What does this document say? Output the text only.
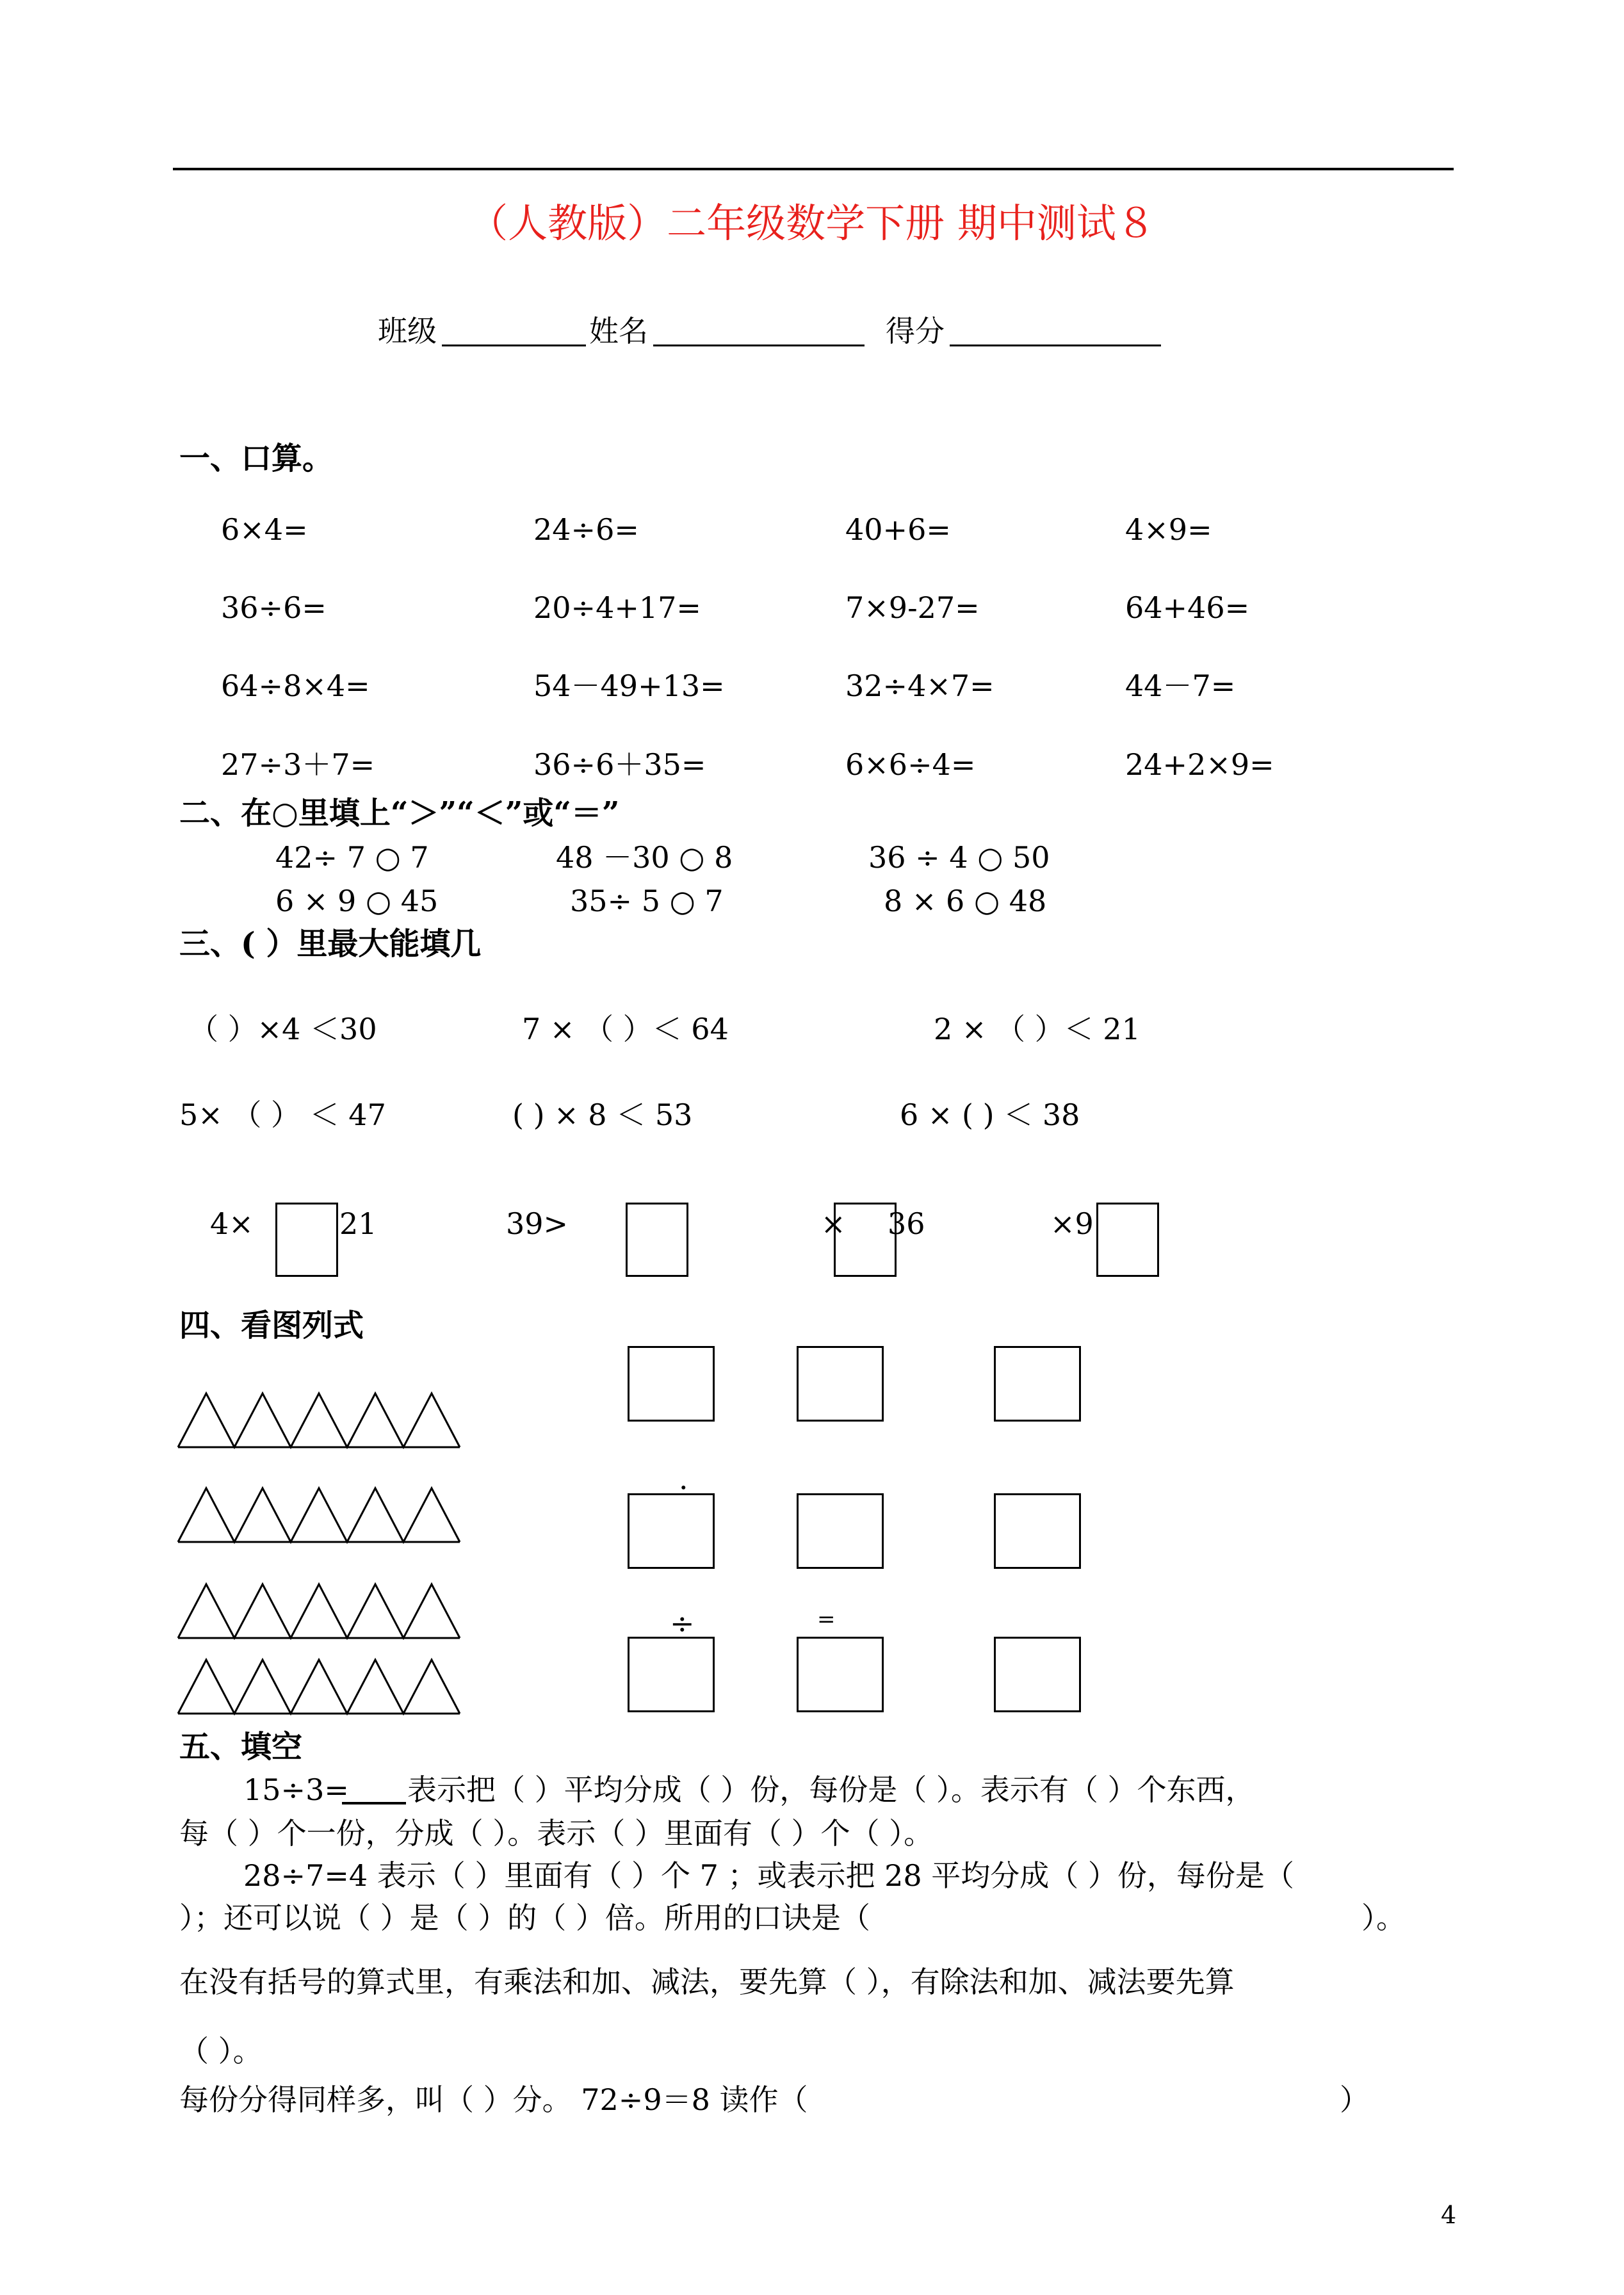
（人教版）二年级数学下册 期中测试８
班级	姓名	得分
一、口算。
6×4=	24÷6=	40+6=	4×9=
36÷6=	20÷4+17=	7×9-27=	64+46=
64÷8×4=	54－49+13=	32÷4×7=	44－7=
27÷3＋7=	36÷6＋35=	6×6÷4=	24+2×9=
二、在○里填上“＞”“＜”或“＝”
42÷ 7 ○ 7	48 －30 ○ 8	36 ÷ 4 ○ 50
6 × 9 ○ 45	35÷ 5 ○ 7	8 × 6 ○ 48
三、( ）里最大能填几
（ ）×4 ＜30	7 × （ ）＜ 64	2 × （ ）＜ 21
5× （ ） ＜ 47	( ) × 8 ＜ 53	6 × ( ) ＜ 38
4×	21	39>	× 36	×9
四、看图列式
·
÷	=
五、填空
15÷3= 表示把（ ）平均分成（ ）份，每份是（ ）。表示有（ ）个东西，
每（ ）个一份，分成（ ）。表示（ ）里面有（ ）个（ ）。
28÷7=4 表示（ ）里面有（ ）个 7 ；或表示把 28 平均分成（ ）份，每份是（
）；还可以说（ ）是（ ）的（ ）倍。所用的口诀是（	）。
在没有括号的算式里，有乘法和加、减法，要先算（ ），有除法和加、减法要先算
（ ）。
每份分得同样多，叫（ ）分。 72÷9＝8 读作（	）
4
